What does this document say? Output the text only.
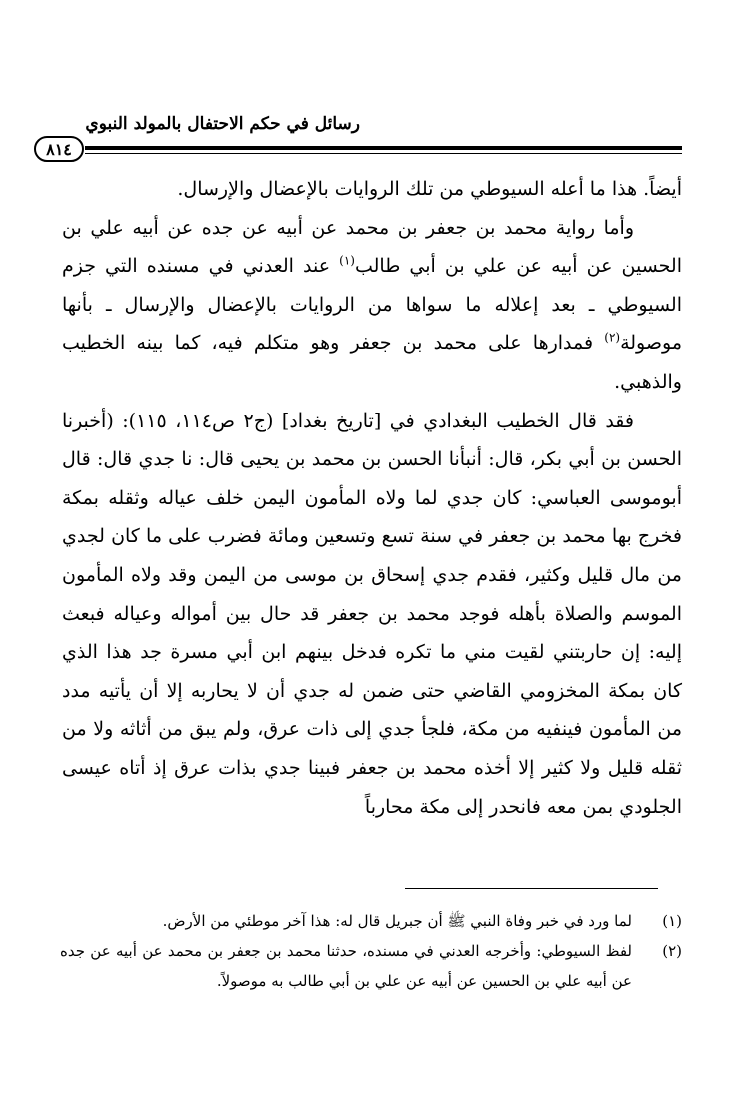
رسائل في حكم الاحتفال بالمولد النبوي
٨١٤

أيضاً. هذا ما أعله السيوطي من تلك الروايات بالإعضال والإرسال.

وأما رواية محمد بن جعفر بن محمد عن أبيه عن جده عن أبيه علي بن الحسين عن أبيه عن علي بن أبي طالب$^{(١)}$ عند العدني في مسنده التي جزم السيوطي ـ بعد إعلاله ما سواها من الروايات بالإعضال والإرسال ـ بأنها موصولة$^{(٢)}$ فمدارها على محمد بن جعفر وهو متكلم فيه، كما بينه الخطيب والذهبي.

فقد قال الخطيب البغدادي في [تاريخ بغداد] (ج٢ ص١١٤، ١١٥): (أخبرنا الحسن بن أبي بكر، قال: أنبأنا الحسن بن محمد بن يحيى قال: نا جدي قال: قال أبوموسى العباسي: كان جدي لما ولاه المأمون اليمن خلف عياله وثقله بمكة فخرج بها محمد بن جعفر في سنة تسع وتسعين ومائة فضرب على ما كان لجدي من مال قليل وكثير، فقدم جدي إسحاق بن موسى من اليمن وقد ولاه المأمون الموسم والصلاة بأهله فوجد محمد بن جعفر قد حال بين أمواله وعياله فبعث إليه: إن حاربتني لقيت مني ما تكره فدخل بينهم ابن أبي مسرة جد هذا الذي كان بمكة المخزومي القاضي حتى ضمن له جدي أن لا يحاربه إلا أن يأتيه مدد من المأمون فينفيه من مكة، فلجأ جدي إلى ذات عرق، ولم يبق من أثاثه ولا من ثقله قليل ولا كثير إلا أخذه محمد بن جعفر فبينا جدي بذات عرق إذ أتاه عيسى الجلودي بمن معه فانحدر إلى مكة محارباً

(١)
لما ورد في خبر وفاة النبي ﷺ أن جبريل قال له: هذا آخر موطئي من الأرض.
(٢)
لفظ السيوطي: وأخرجه العدني في مسنده، حدثنا محمد بن جعفر بن محمد عن أبيه عن جده عن أبيه علي بن الحسين عن أبيه عن علي بن أبي طالب به موصولاً.
